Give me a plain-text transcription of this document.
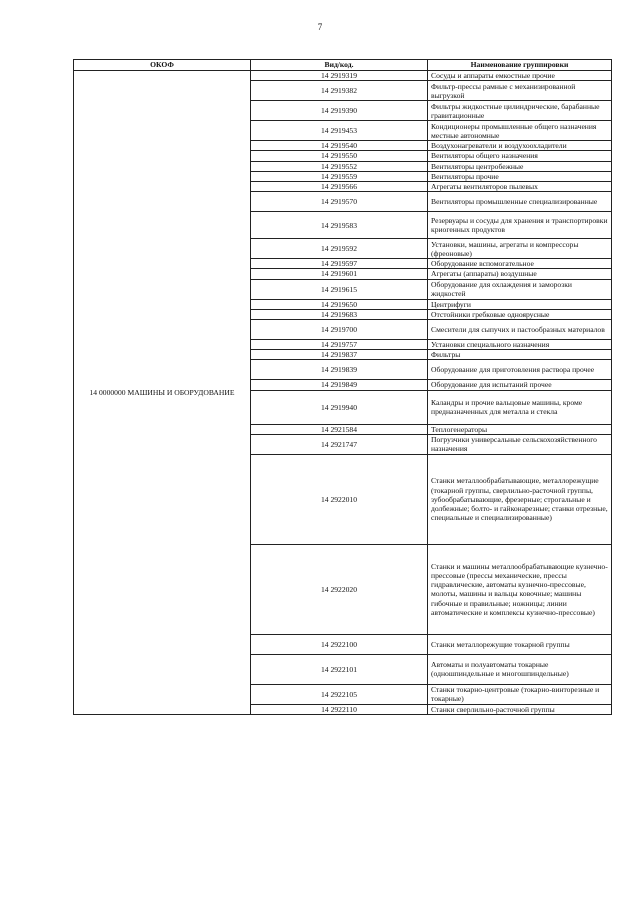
7
ОКОФ	Вид/код.	Наименование группировки
14 0000000 МАШИНЫ И ОБОРУДОВАНИЕ	14 2919319	Сосуды и аппараты емкостные прочие
	14 2919382	Фильтр-прессы рамные с механизированной выгрузкой
	14 2919390	Фильтры жидкостные цилиндрические, барабанные гравитационные
	14 2919453	Кондиционеры промышленные общего назначения местные автономные
	14 2919540	Воздухонагреватели и воздухоохладители
	14 2919550	Вентиляторы общего назначения
	14 2919552	Вентиляторы центробежные
	14 2919559	Вентиляторы прочие
	14 2919566	Агрегаты вентиляторов пылевых
	14 2919570	Вентиляторы промышленные специализированные
	14 2919583	Резервуары и сосуды для хранения и транспортировки криогенных продуктов
	14 2919592	Установки, машины, агрегаты и компрессоры (фреоновые)
	14 2919597	Оборудование вспомогательное
	14 2919601	Агрегаты (аппараты) воздушные
	14 2919615	Оборудование для охлаждения и заморозки жидкостей
	14 2919650	Центрифуги
	14 2919683	Отстойники гребковые одноярусные
	14 2919700	Смесители для сыпучих и пастообразных материалов
	14 2919757	Установки специального назначения
	14 2919837	Фильтры
	14 2919839	Оборудование для приготовления раствора прочее
	14 2919849	Оборудование для испытаний прочее
	14 2919940	Каландры и прочие вальцовые машины, кроме предназначенных для металла и стекла
	14 2921584	Теплогенераторы
	14 2921747	Погрузчики универсальные сельскохозяйственного назначения
	14 2922010	Станки металлообрабатывающие, металлорежущие (токарной группы, сверлильно-расточной группы, зубообрабатывающие, фрезерные; строгальные и долбежные; болто- и гайконарезные; станки отрезные, специальные и специализированные)
	14 2922020	Станки и машины металлообрабатывающие кузнечно-прессовые (прессы механические, прессы гидравлические, автоматы кузнечно-прессовые, молоты, машины и вальцы ковочные; машины гибочные и правильные; ножницы; линии автоматические и комплексы кузнечно-прессовые)
	14 2922100	Станки металлорежущие токарной группы
	14 2922101	Автоматы и полуавтоматы токарные (одношпиндельные и многошпиндельные)
	14 2922105	Станки токарно-центровые (токарно-винторезные и токарные)
	14 2922110	Станки сверлильно-расточной группы
